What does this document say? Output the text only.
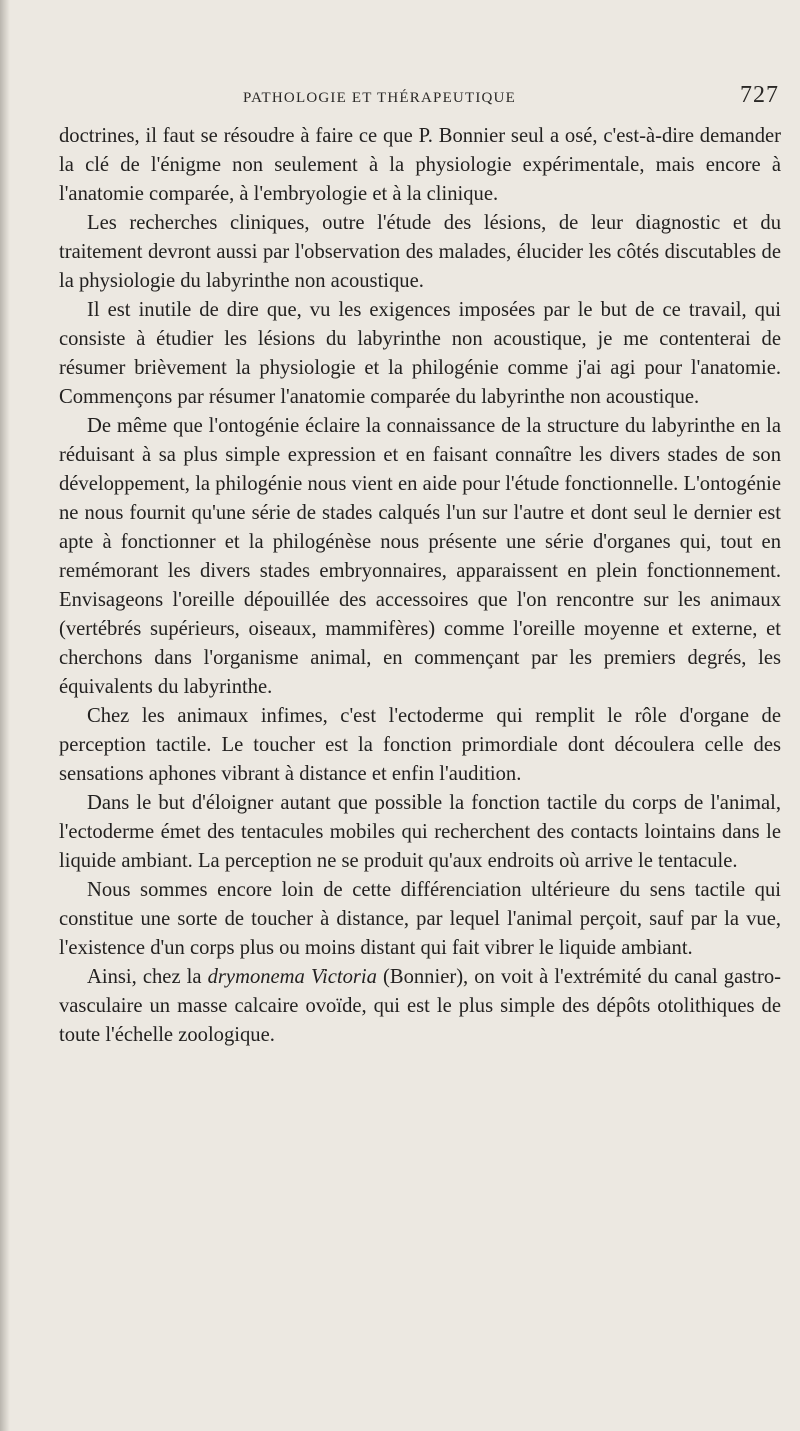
PATHOLOGIE ET THÉRAPEUTIQUE	727

doctrines, il faut se résoudre à faire ce que P. Bonnier seul a osé, c'est-à-dire demander la clé de l'énigme non seulement à la physiologie expérimentale, mais encore à l'anatomie comparée, à l'embryologie et à la clinique.

Les recherches cliniques, outre l'étude des lésions, de leur diagnostic et du traitement devront aussi par l'observation des malades, élucider les côtés discutables de la physiologie du labyrinthe non acoustique.

Il est inutile de dire que, vu les exigences imposées par le but de ce travail, qui consiste à étudier les lésions du labyrinthe non acoustique, je me contenterai de résumer brièvement la physiologie et la philogénie comme j'ai agi pour l'anatomie. Commençons par résumer l'anatomie comparée du labyrinthe non acoustique.

De même que l'ontogénie éclaire la connaissance de la structure du labyrinthe en la réduisant à sa plus simple expression et en faisant connaître les divers stades de son développement, la philogénie nous vient en aide pour l'étude fonctionnelle. L'ontogénie ne nous fournit qu'une série de stades calqués l'un sur l'autre et dont seul le dernier est apte à fonctionner et la philogénèse nous présente une série d'organes qui, tout en remémorant les divers stades embryonnaires, apparaissent en plein fonctionnement. Envisageons l'oreille dépouillée des accessoires que l'on rencontre sur les animaux (vertébrés supérieurs, oiseaux, mammifères) comme l'oreille moyenne et externe, et cherchons dans l'organisme animal, en commençant par les premiers degrés, les équivalents du labyrinthe.

Chez les animaux infimes, c'est l'ectoderme qui remplit le rôle d'organe de perception tactile. Le toucher est la fonction primordiale dont découlera celle des sensations aphones vibrant à distance et enfin l'audition.

Dans le but d'éloigner autant que possible la fonction tactile du corps de l'animal, l'ectoderme émet des tentacules mobiles qui recherchent des contacts lointains dans le liquide ambiant. La perception ne se produit qu'aux endroits où arrive le tentacule.

Nous sommes encore loin de cette différenciation ultérieure du sens tactile qui constitue une sorte de toucher à distance, par lequel l'animal perçoit, sauf par la vue, l'existence d'un corps plus ou moins distant qui fait vibrer le liquide ambiant.

Ainsi, chez la drymonema Victoria (Bonnier), on voit à l'extrémité du canal gastro-vasculaire un masse calcaire ovoïde, qui est le plus simple des dépôts otolithiques de toute l'échelle zoologique.
